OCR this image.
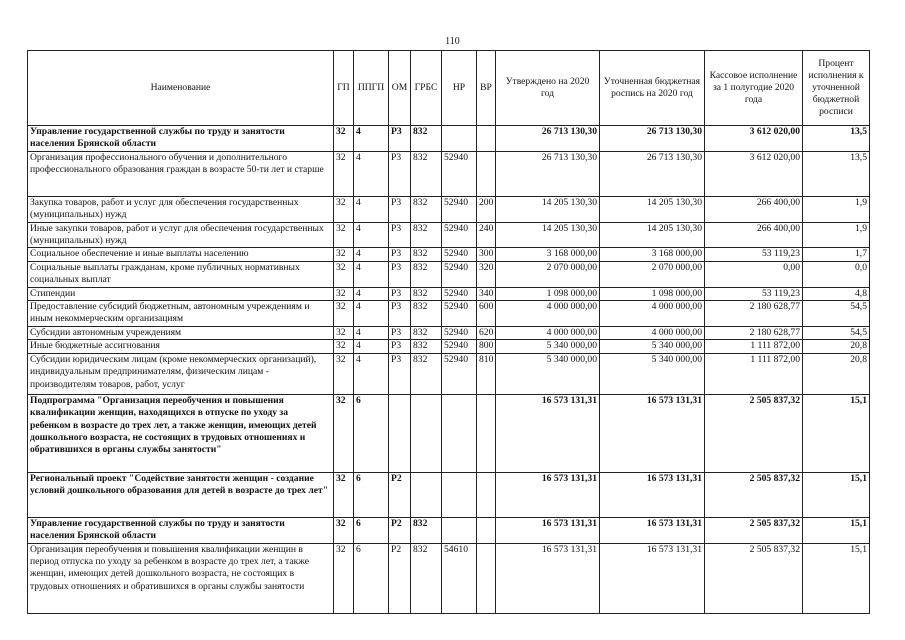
110
Наименование	ГП	ППГП	ОМ	ГРБС	НР	ВР	Утверждено на 2020 год	Уточненная бюджетная роспись на 2020 год	Кассовое исполнение за 1 полугодие 2020 года	Процент исполнения к уточненной бюджетной росписи
Управление государственной службы по труду и занятости населения Брянской области	32	4	Р3	832			26 713 130,30	26 713 130,30	3 612 020,00	13,5
Организация профессионального обучения и дополнительного профессионального образования граждан в возрасте 50-ти лет и старше	32	4	Р3	832	52940		26 713 130,30	26 713 130,30	3 612 020,00	13,5
Закупка товаров, работ и услуг для обеспечения государственных (муниципальных) нужд	32	4	Р3	832	52940	200	14 205 130,30	14 205 130,30	266 400,00	1,9
Иные закупки товаров, работ и услуг для обеспечения государственных (муниципальных) нужд	32	4	Р3	832	52940	240	14 205 130,30	14 205 130,30	266 400,00	1,9
Социальное обеспечение и иные выплаты населению	32	4	Р3	832	52940	300	3 168 000,00	3 168 000,00	53 119,23	1,7
Социальные выплаты гражданам, кроме публичных нормативных социальных выплат	32	4	Р3	832	52940	320	2 070 000,00	2 070 000,00	0,00	0,0
Стипендии	32	4	Р3	832	52940	340	1 098 000,00	1 098 000,00	53 119,23	4,8
Предоставление субсидий бюджетным, автономным учреждениям и иным некоммерческим организациям	32	4	Р3	832	52940	600	4 000 000,00	4 000 000,00	2 180 628,77	54,5
Субсидии автономным учреждениям	32	4	Р3	832	52940	620	4 000 000,00	4 000 000,00	2 180 628,77	54,5
Иные бюджетные ассигнования	32	4	Р3	832	52940	800	5 340 000,00	5 340 000,00	1 111 872,00	20,8
Субсидии юридическим лицам (кроме некоммерческих организаций), индивидуальным предпринимателям, физическим лицам - производителям товаров, работ, услуг	32	4	Р3	832	52940	810	5 340 000,00	5 340 000,00	1 111 872,00	20,8
Подпрограмма "Организация переобучения и повышения квалификации женщин, находящихся в отпуске по уходу за ребенком в возрасте до трех лет, а также женщин, имеющих детей дошкольного возраста, не состоящих в трудовых отношениях и обратившихся в органы службы занятости"	32	6					16 573 131,31	16 573 131,31	2 505 837,32	15,1
Региональный проект "Содействие занятости женщин - создание условий дошкольного образования для детей в возрасте до трех лет"	32	6	Р2				16 573 131,31	16 573 131,31	2 505 837,32	15,1
Управление государственной службы по труду и занятости населения Брянской области	32	6	Р2	832			16 573 131,31	16 573 131,31	2 505 837,32	15,1
Организация переобучения и повышения квалификации женщин в период отпуска по уходу за ребенком в возрасте до трех лет, а также женщин, имеющих детей дошкольного возраста, не состоящих в трудовых отношениях и обратившихся в органы службы занятости	32	6	Р2	832	54610		16 573 131,31	16 573 131,31	2 505 837,32	15,1
